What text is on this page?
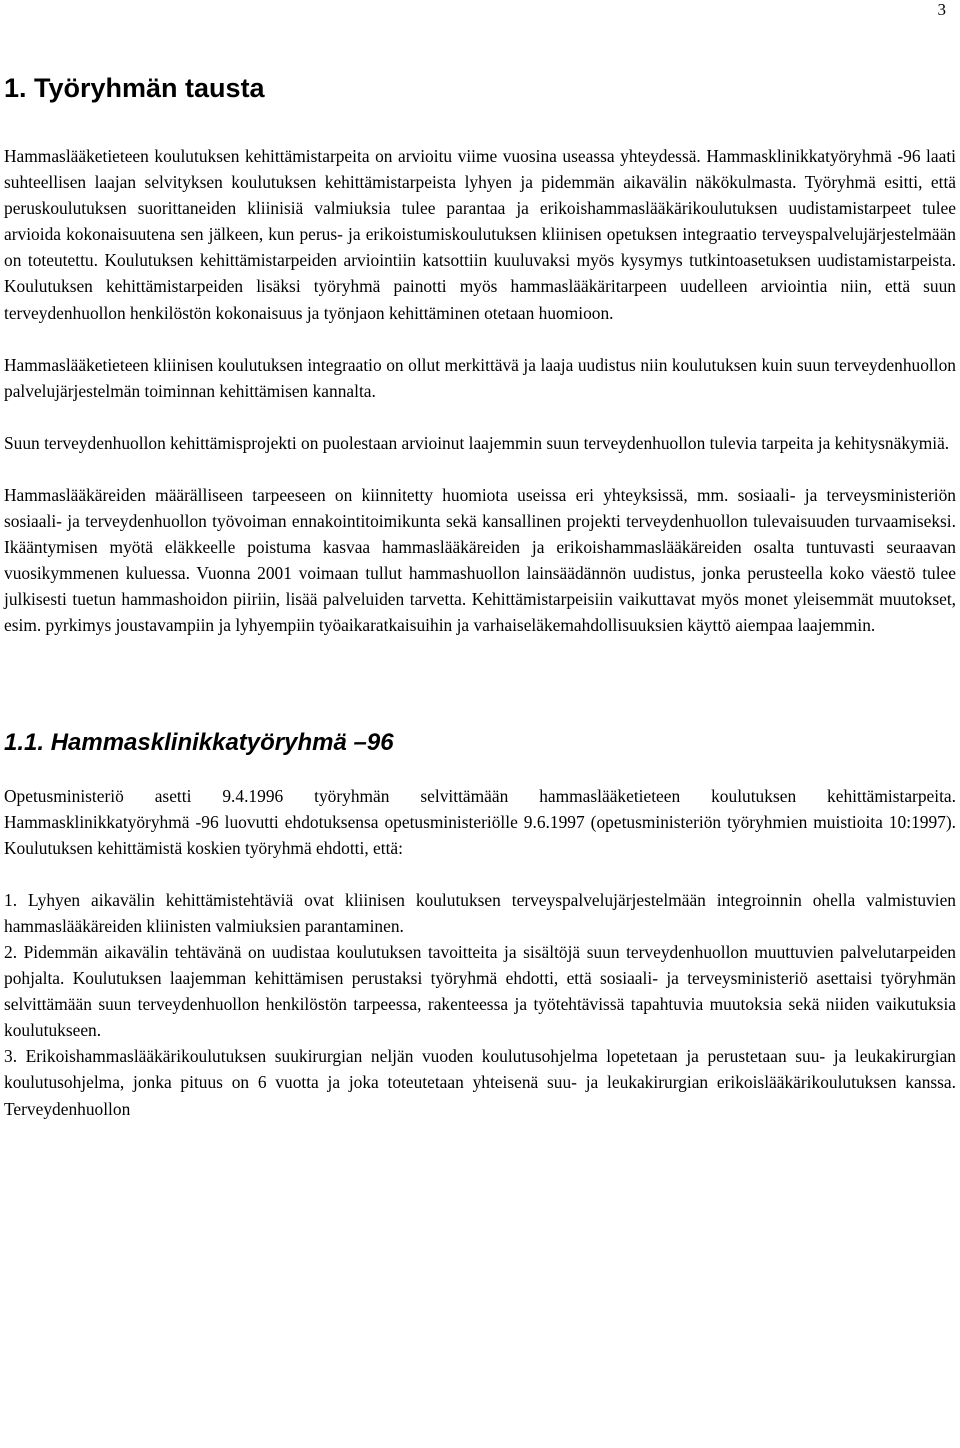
3
1. Työryhmän tausta

Hammaslääketieteen koulutuksen kehittämistarpeita on arvioitu viime vuosina useassa yhteydessä. Hammasklinikkatyöryhmä -96 laati suhteellisen laajan selvityksen koulutuksen kehittämistarpeista lyhyen ja pidemmän aikavälin näkökulmasta. Työryhmä esitti, että peruskoulutuksen suorittaneiden kliinisiä valmiuksia tulee parantaa ja erikoishammaslääkärikoulutuksen uudistamistarpeet tulee arvioida kokonaisuutena sen jälkeen, kun perus- ja erikoistumiskoulutuksen kliinisen opetuksen integraatio terveyspalvelujärjestelmään on toteutettu. Koulutuksen kehittämistarpeiden arviointiin katsottiin kuuluvaksi myös kysymys tutkintoasetuksen uudistamistarpeista. Koulutuksen kehittämistarpeiden lisäksi työryhmä painotti myös hammaslääkäritarpeen uudelleen arviointia niin, että suun terveydenhuollon henkilöstön kokonaisuus ja työnjaon kehittäminen otetaan huomioon.

Hammaslääketieteen kliinisen koulutuksen integraatio on ollut merkittävä ja laaja uudistus niin koulutuksen kuin suun terveydenhuollon palvelujärjestelmän toiminnan kehittämisen kannalta.

Suun terveydenhuollon kehittämisprojekti on puolestaan arvioinut laajemmin suun terveydenhuollon tulevia tarpeita ja kehitysnäkymiä.

Hammaslääkäreiden määrälliseen tarpeeseen on kiinnitetty huomiota useissa eri yhteyksissä, mm. sosiaali- ja terveysministeriön sosiaali- ja terveydenhuollon työvoiman ennakointitoimikunta sekä kansallinen projekti terveydenhuollon tulevaisuuden turvaamiseksi. Ikääntymisen myötä eläkkeelle poistuma kasvaa hammaslääkäreiden ja erikoishammaslääkäreiden osalta tuntuvasti seuraavan vuosikymmenen kuluessa. Vuonna 2001 voimaan tullut hammashuollon lainsäädännön uudistus, jonka perusteella koko väestö tulee julkisesti tuetun hammashoidon piiriin, lisää palveluiden tarvetta. Kehittämistarpeisiin vaikuttavat myös monet yleisemmät muutokset, esim. pyrkimys joustavampiin ja lyhyempiin työaikaratkaisuihin ja varhaiseläkemahdollisuuksien käyttö aiempaa laajemmin.

1.1. Hammasklinikkatyöryhmä –96

Opetusministeriö asetti 9.4.1996 työryhmän selvittämään hammaslääketieteen koulutuksen kehittämistarpeita. Hammasklinikkatyöryhmä -96 luovutti ehdotuksensa opetusministeriölle 9.6.1997 (opetusministeriön työryhmien muistioita 10:1997). Koulutuksen kehittämistä koskien työryhmä ehdotti, että:

1. Lyhyen aikavälin kehittämistehtäviä ovat kliinisen koulutuksen terveyspalvelujärjestelmään integroinnin ohella valmistuvien hammaslääkäreiden kliinisten valmiuksien parantaminen.

2. Pidemmän aikavälin tehtävänä on uudistaa koulutuksen tavoitteita ja sisältöjä suun terveydenhuollon muuttuvien palvelutarpeiden pohjalta. Koulutuksen laajemman kehittämisen perustaksi työryhmä ehdotti, että sosiaali- ja terveysministeriö asettaisi työryhmän selvittämään suun terveydenhuollon henkilöstön tarpeessa, rakenteessa ja työtehtävissä tapahtuvia muutoksia sekä niiden vaikutuksia koulutukseen.

3. Erikoishammaslääkärikoulutuksen suukirurgian neljän vuoden koulutusohjelma lopetetaan ja perustetaan suu- ja leukakirurgian koulutusohjelma, jonka pituus on 6 vuotta ja joka toteutetaan yhteisenä suu- ja leukakirurgian erikoislääkärikoulutuksen kanssa. Terveydenhuollon
